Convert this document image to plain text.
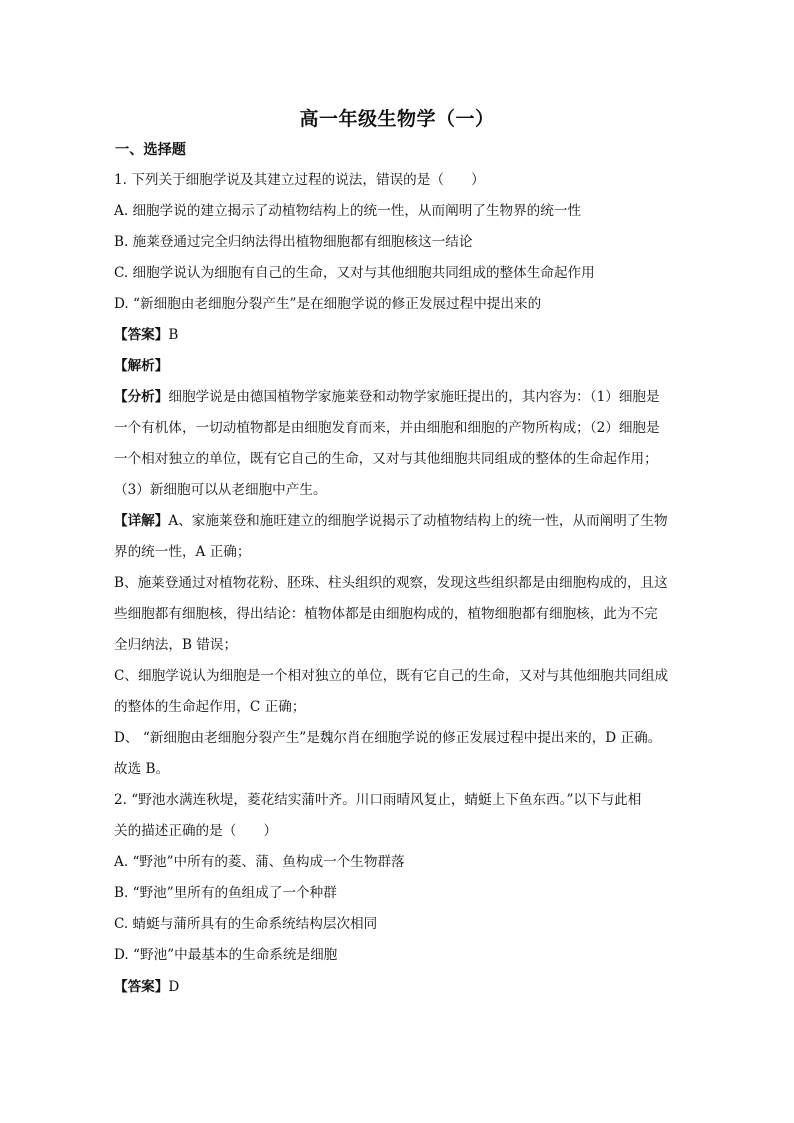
高一年级生物学（一）
一、选择题
1. 下列关于细胞学说及其建立过程的说法，错误的是（　　）
A. 细胞学说的建立揭示了动植物结构上的统一性，从而阐明了生物界的统一性
B. 施莱登通过完全归纳法得出植物细胞都有细胞核这一结论
C. 细胞学说认为细胞有自己的生命，又对与其他细胞共同组成的整体生命起作用
D. “新细胞由老细胞分裂产生”是在细胞学说的修正发展过程中提出来的
【答案】B
【解析】
【分析】细胞学说是由德国植物学家施莱登和动物学家施旺提出的，其内容为：（1）细胞是
一个有机体，一切动植物都是由细胞发育而来，并由细胞和细胞的产物所构成；（2）细胞是
一个相对独立的单位，既有它自己的生命，又对与其他细胞共同组成的整体的生命起作用；
（3）新细胞可以从老细胞中产生。
【详解】A、家施莱登和施旺建立的细胞学说揭示了动植物结构上的统一性，从而阐明了生物
界的统一性，A 正确；
B、施莱登通过对植物花粉、胚珠、柱头组织的观察，发现这些组织都是由细胞构成的，且这
些细胞都有细胞核，得出结论：植物体都是由细胞构成的，植物细胞都有细胞核，此为不完
全归纳法，B 错误；
C、细胞学说认为细胞是一个相对独立的单位，既有它自己的生命，又对与其他细胞共同组成
的整体的生命起作用，C 正确；
D、 “新细胞由老细胞分裂产生”是魏尔肖在细胞学说的修正发展过程中提出来的，D 正确。
故选 B。
2. “野池水满连秋堤，菱花结实蒲叶齐。川口雨晴风复止，蜻蜓上下鱼东西。”以下与此相
关的描述正确的是（　　）
A. “野池”中所有的菱、蒲、鱼构成一个生物群落
B. “野池”里所有的鱼组成了一个种群
C. 蜻蜓与蒲所具有的生命系统结构层次相同
D. “野池”中最基本的生命系统是细胞
【答案】D
